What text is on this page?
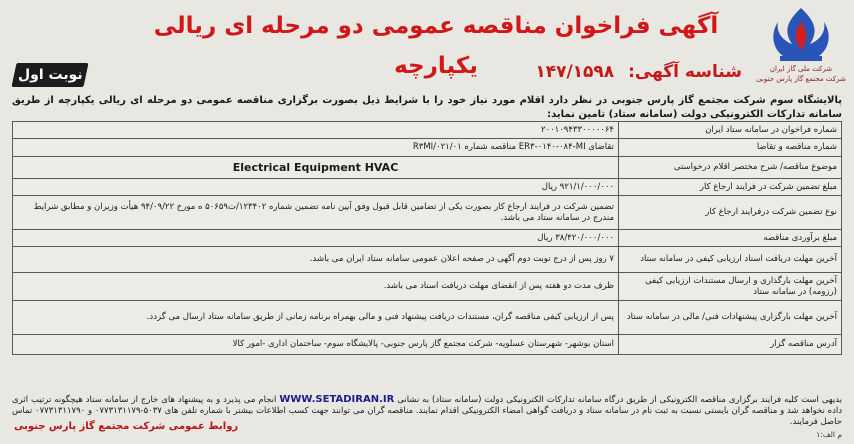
شرکت ملی گاز ایران
شرکت مجتمع گاز پارس جنوبی
آگهی فراخوان مناقصه عمومی دو مرحله ای ریالی یکپارچه	شناسه آگهی: ۱۴۷/۱۵۹۸
نوبت اول
پالایشگاه سوم شرکت مجتمع گاز پارس جنوبی در نظر دارد اقلام مورد نیاز خود را با شرایط ذیل بصورت برگزاری مناقصه عمومی دو مرحله ای ریالی یکپارچه از طریق سامانه تدارکات الکترونیکی دولت (سامانه ستاد) تامین نماید:
شماره فراخوان در سامانه ستاد ایران	۲۰۰۱۰۹۴۳۳۰۰۰۰۰۶۴
شماره مناقصه و تقاضا	تقاضای ER۳-۰۱۴۰-۰۸۴-MI مناقصه شماره ۰۱/R۳MI/۰۲۱
موضوع مناقصه/ شرح مختصر اقلام درخواستی	Electrical Equipment HVAC
مبلغ تضمین شرکت در فرایند ارجاع کار	۹۲۱/۱/۰۰۰/۰۰۰ ریال
نوع تضمین شرکت درفرایند ارجاع کار	تضمین شرکت در فرایند ارجاع کار بصورت یکی از تضامین قابل قبول وفق آیین نامه تضمین شماره ۱۲۳۴۰۲/ت۵۰۶۵۹ ه مورخ ۹۴/۰۹/۲۲ هیأت وزیران و مطابق شرایط مندرج در سامانه ستاد می باشد.
مبلغ برآوردی مناقصه	۳۸/۴۲۰/۰۰۰/۰۰۰ ریال
آخرین مهلت دریافت اسناد ارزیابی کیفی در سامانه ستاد	۷ روز پس از درج نوبت دوم آگهی در صفحه اعلان عمومی سامانه ستاد ایران می باشد.
آخرین مهلت بارگذاری و ارسال مستندات ارزیابی کیفی (رزومه) در سامانه ستاد	ظرف مدت دو هفته پس از انقضای مهلت دریافت اسناد می باشد.
آخرین مهلت بارگزاری پیشنهادات فنی/ مالی در سامانه ستاد	پس از ارزیابی کیفی مناقصه گران، مستندات دریافت پیشنهاد فنی و مالی بهمراه برنامه زمانی از طریق سامانه ستاد ارسال می گردد.
آدرس مناقصه گزار	استان بوشهر- شهرستان عسلویه- شرکت مجتمع گاز پارس جنوبی- پالایشگاه سوم- ساختمان اداری -امور کالا
بدیهی است کلیه فرایند برگزاری مناقصه الکترونیکی از طریق درگاه سامانه تدارکات الکترونیکی دولت (سامانه ستاد) به نشانی WWW.SETADIRAN.IR انجام می پذیرد و به پیشنهاد های خارج از سامانه ستاد هیچگونه ترتیب اثری داده نخواهد شد و مناقصه گران بایستی نسبت به ثبت نام در سامانه ستاد و دریافت گواهی امضاء الکترونیکی اقدام نمایند. مناقصه گران می توانند جهت کسب اطلاعات بیشتر با شماره تلفن های ۵۰۳۷-۰۷۷۳۱۳۱۱۷۹ و ۰۷۷۳۱۳۱۱۷۹۰ تماس حاصل فرمایند.
روابط عمومی شرکت مجتمع گاز پارس جنوبی
م الف:۱
